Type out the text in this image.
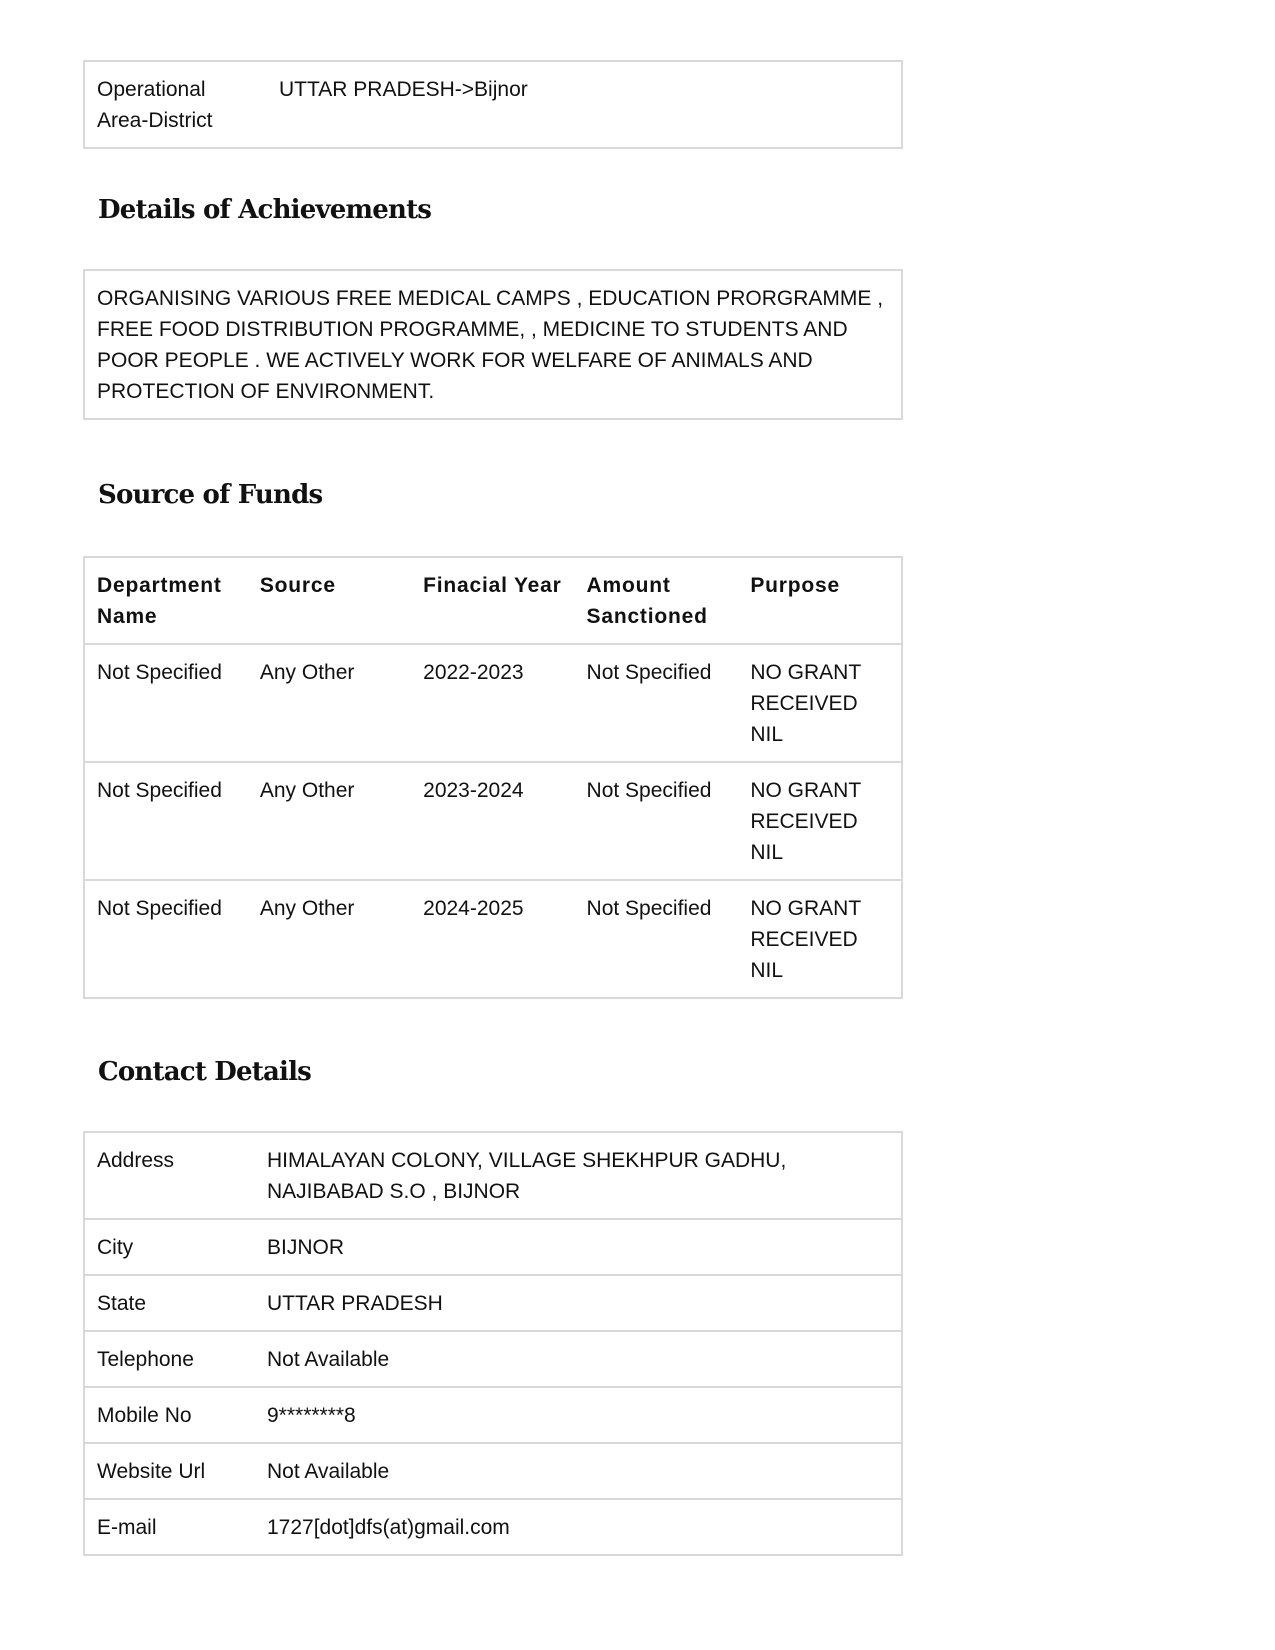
Operational
Area-District	UTTAR PRADESH->Bijnor
Details of Achievements
ORGANISING VARIOUS FREE MEDICAL CAMPS , EDUCATION PRORGRAMME , FREE FOOD DISTRIBUTION PROGRAMME, , MEDICINE TO STUDENTS AND POOR PEOPLE . WE ACTIVELY WORK FOR WELFARE OF ANIMALS AND PROTECTION OF ENVIRONMENT.
Source of Funds
Department Name	Source	Finacial Year	Amount Sanctioned	Purpose
Not Specified	Any Other	2022-2023	Not Specified	NO GRANT
RECEIVED
NIL

Not Specified	Any Other	2023-2024	Not Specified	NO GRANT
RECEIVED
NIL

Not Specified	Any Other	2024-2025	Not Specified	NO GRANT
RECEIVED
NIL
Contact Details
Address	HIMALAYAN COLONY, VILLAGE SHEKHPUR GADHU,
NAJIBABAD S.O , BIJNOR
City	BIJNOR
State	UTTAR PRADESH
Telephone	Not Available
Mobile No	9********8
Website Url	Not Available
E-mail	1727[dot]dfs(at)gmail.com
